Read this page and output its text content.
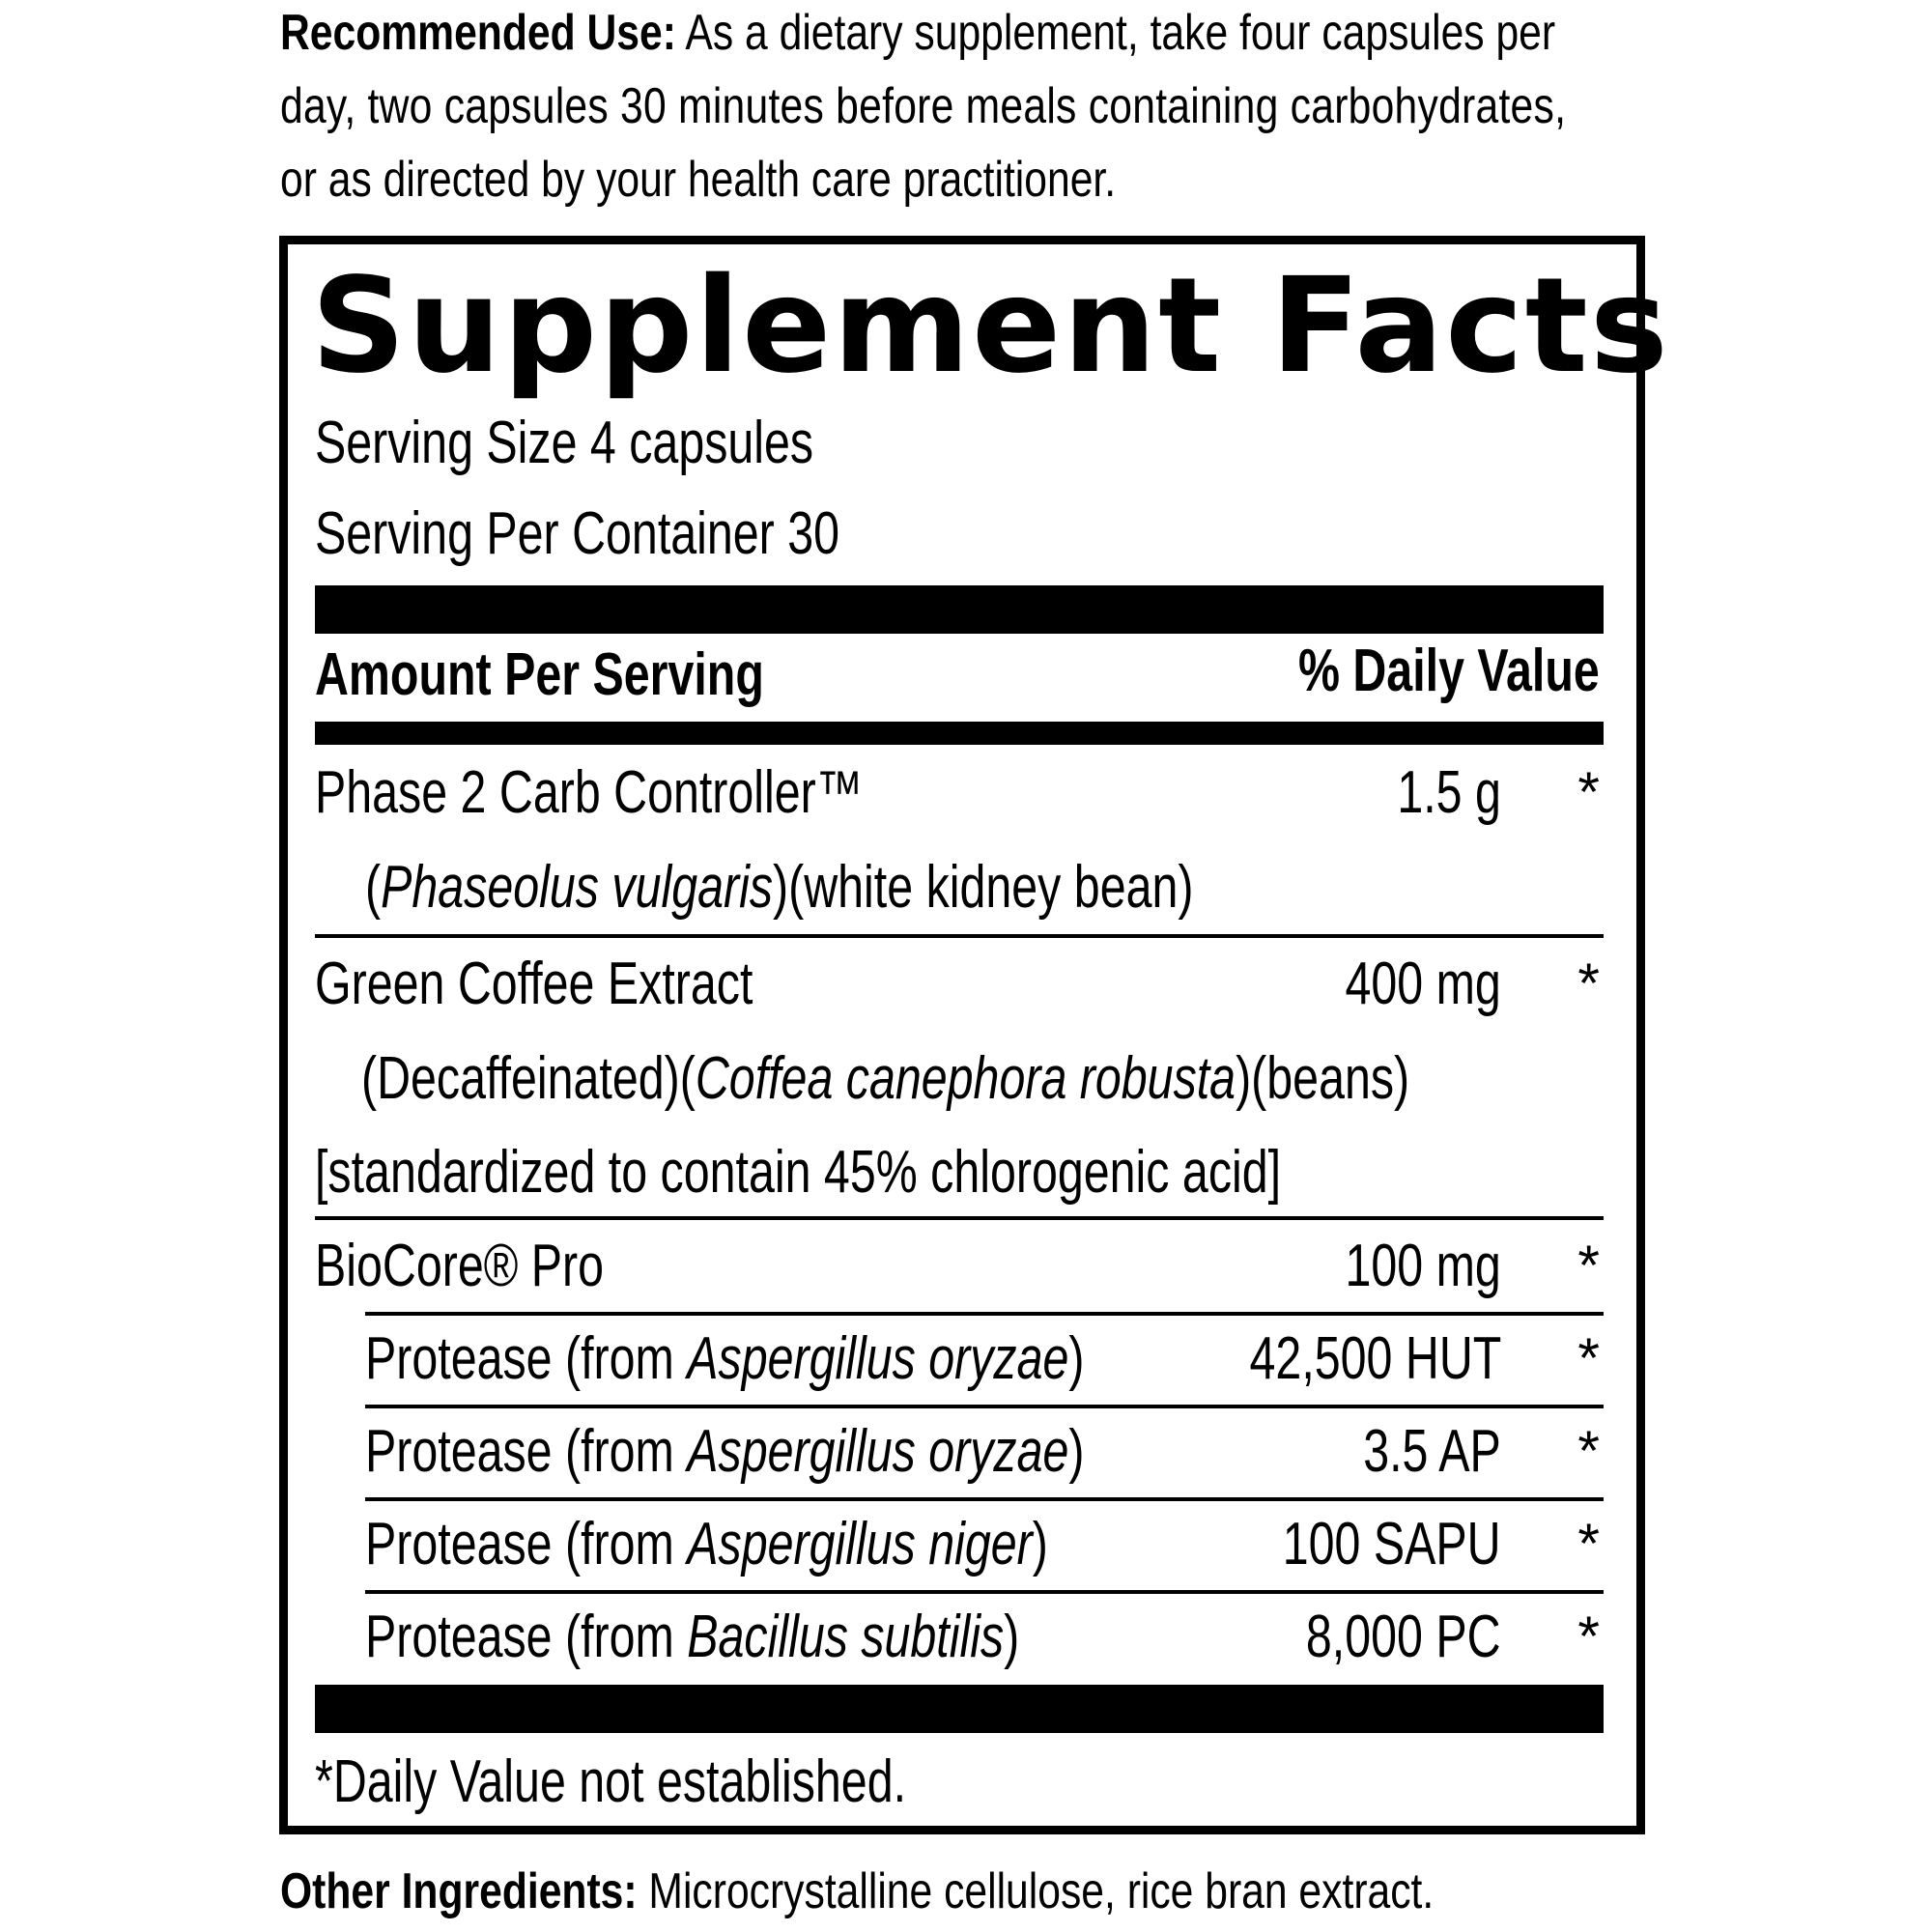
Recommended Use: As a dietary supplement, take four capsules per
day, two capsules 30 minutes before meals containing carbohydrates,
or as directed by your health care practitioner.
Supplement Facts
Serving Size 4 capsules
Serving Per Container 30
Amount Per Serving	% Daily Value
Phase 2 Carb Controller™	1.5 g *
(Phaseolus vulgaris)(white kidney bean)
Green Coffee Extract	400 mg *
(Decaffeinated)(Coffea canephora robusta)(beans)
[standardized to contain 45% chlorogenic acid]
BioCore® Pro	100 mg *
Protease (from Aspergillus oryzae)	42,500 HUT *
Protease (from Aspergillus oryzae)	3.5 AP *
Protease (from Aspergillus niger)	100 SAPU *
Protease (from Bacillus subtilis)	8,000 PC *
*Daily Value not established.
Other Ingredients: Microcrystalline cellulose, rice bran extract.
